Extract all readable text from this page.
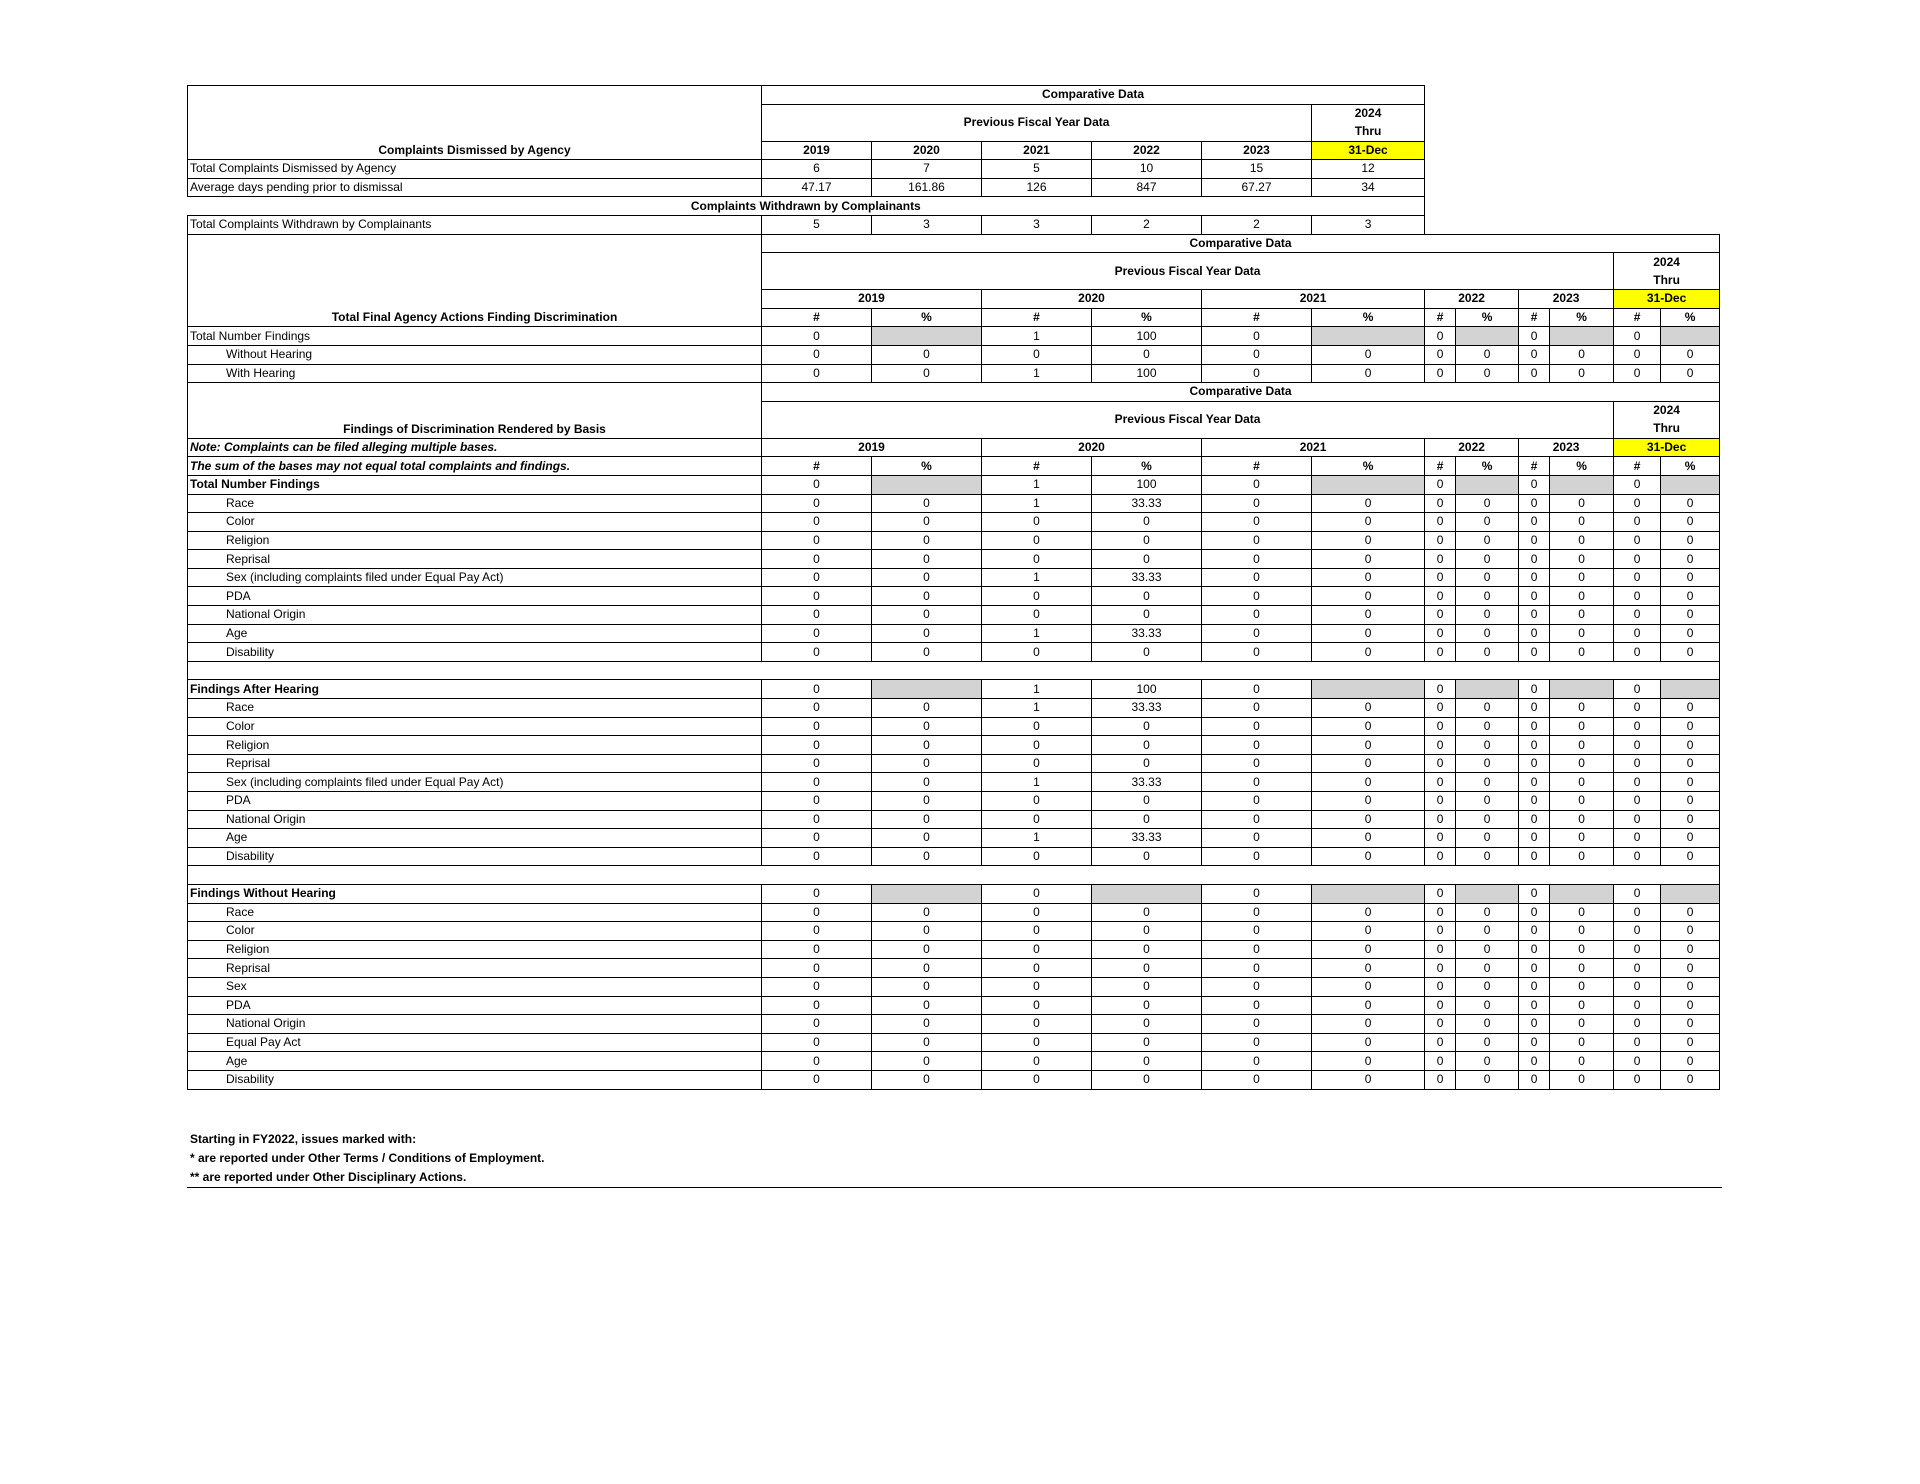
Complaints Dismissed by Agency	Comparative Data											
	Previous Fiscal Year Data					2024						
						Thru						
	2019	2020	2021	2022	2023	31-Dec						
Total Complaints Dismissed by Agency	6	7	5	10	15	12						
Average days pending prior to dismissal	47.17	161.86	126	847	67.27	34						
Complaints Withdrawn by Complainants												
Total Complaints Withdrawn by Complainants	5	3	3	2	2	3						
	Comparative Data											
	Previous Fiscal Year Data										2024	
											Thru	
	2019		2020		2021		2022		2023		31-Dec	
Total Final Agency Actions Finding Discrimination	#	%	#	%	#	%	#	%	#	%	#	%
Total Number Findings	0		1	100	0		0		0		0	
Without Hearing	0	0	0	0	0	0	0	0	0	0	0	0
With Hearing	0	0	1	100	0	0	0	0	0	0	0	0
Findings of Discrimination Rendered by Basis	Comparative Data											
	Previous Fiscal Year Data										2024	
											Thru	
Note: Complaints can be filed alleging multiple bases.	2019		2020		2021		2022		2023		31-Dec	
The sum of the bases may not equal total complaints and findings.	#	%	#	%	#	%	#	%	#	%	#	%
Total Number Findings	0		1	100	0		0		0		0	
Race	0	0	1	33.33	0	0	0	0	0	0	0	0
Color	0	0	0	0	0	0	0	0	0	0	0	0
Religion	0	0	0	0	0	0	0	0	0	0	0	0
Reprisal	0	0	0	0	0	0	0	0	0	0	0	0
Sex (including complaints filed under Equal Pay Act)	0	0	1	33.33	0	0	0	0	0	0	0	0
PDA	0	0	0	0	0	0	0	0	0	0	0	0
National Origin	0	0	0	0	0	0	0	0	0	0	0	0
Age	0	0	1	33.33	0	0	0	0	0	0	0	0
Disability	0	0	0	0	0	0	0	0	0	0	0	0

Findings After Hearing	0		1	100	0		0		0		0	
Race	0	0	1	33.33	0	0	0	0	0	0	0	0
Color	0	0	0	0	0	0	0	0	0	0	0	0
Religion	0	0	0	0	0	0	0	0	0	0	0	0
Reprisal	0	0	0	0	0	0	0	0	0	0	0	0
Sex (including complaints filed under Equal Pay Act)	0	0	1	33.33	0	0	0	0	0	0	0	0
PDA	0	0	0	0	0	0	0	0	0	0	0	0
National Origin	0	0	0	0	0	0	0	0	0	0	0	0
Age	0	0	1	33.33	0	0	0	0	0	0	0	0
Disability	0	0	0	0	0	0	0	0	0	0	0	0

Findings Without Hearing	0		0		0		0		0		0	
Race	0	0	0	0	0	0	0	0	0	0	0	0
Color	0	0	0	0	0	0	0	0	0	0	0	0
Religion	0	0	0	0	0	0	0	0	0	0	0	0
Reprisal	0	0	0	0	0	0	0	0	0	0	0	0
Sex	0	0	0	0	0	0	0	0	0	0	0	0
PDA	0	0	0	0	0	0	0	0	0	0	0	0
National Origin	0	0	0	0	0	0	0	0	0	0	0	0
Equal Pay Act	0	0	0	0	0	0	0	0	0	0	0	0
Age	0	0	0	0	0	0	0	0	0	0	0	0
Disability	0	0	0	0	0	0	0	0	0	0	0	0
Starting in FY2022, issues marked with:
* are reported under Other Terms / Conditions of Employment.
** are reported under Other Disciplinary Actions.
